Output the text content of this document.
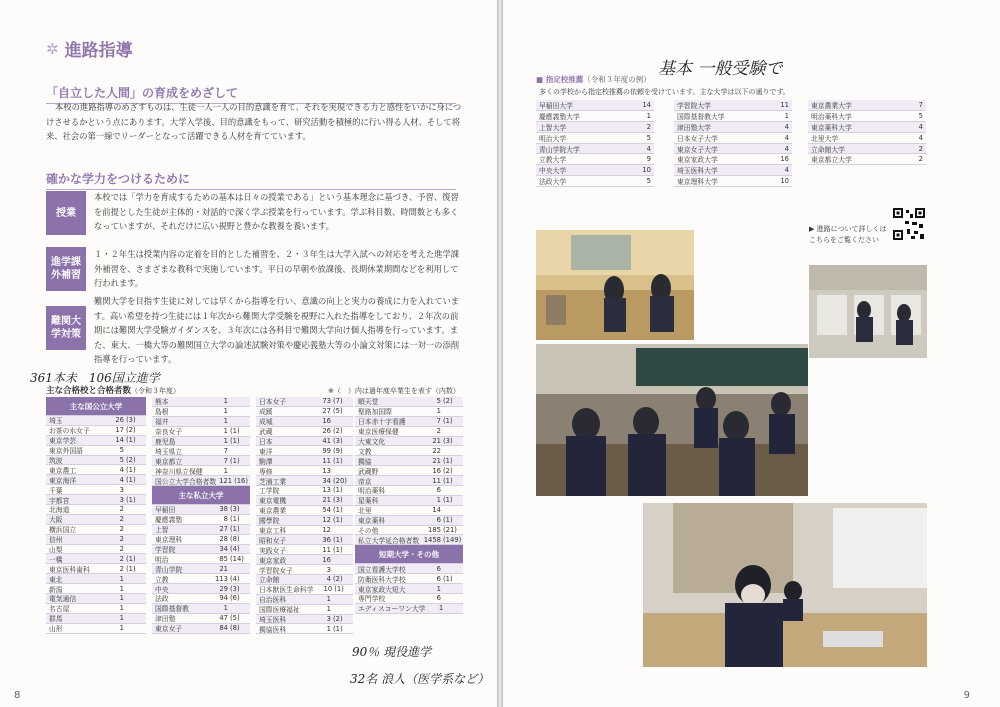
✲ 進路指導
「自立した人間」の育成をめざして
本校の進路指導のめざすものは、生徒一人一人の目的意識を育て、それを実現できる力と感性をいかに身につけさせるかという点にあります。大学入学後、目的意識をもって、研究活動を積極的に行い得る人材、そして将来、社会の第一線でリーダーとなって活躍できる人材を育てています。
確かな学力をつけるために
授業
本校では「学力を育成するための基本は日々の授業である」という基本理念に基づき、予習、復習を前提とした生徒が主体的・対話的で深く学ぶ授業を行っています。学ぶ科目数、時間数とも多くなっていますが、それだけに広い視野と豊かな教養を養います。
進学課外補習
１・２年生は授業内容の定着を目的とした補習を、２・３年生は大学入試への対応を考えた進学課外補習を、さまざまな教科で実施しています。平日の早朝や放課後、長期休業期間などを利用して行われます。
難関大学対策
難関大学を目指す生徒に対しては早くから指導を行い、意識の向上と実力の養成に力を入れています。高い希望を持つ生徒には１年次から難関大学受験を視野に入れた指導をしており、２年次の前期には難関大学受験ガイダンスを、３年次には各科目で難関大学向け個人指導を行っています。また、東大、一橋大等の難関国立大学の論述試験対策や慶応義塾大等の小論文対策には一対一の添削指導を行っています。
361本未　106国立進学
主な合格校と合格者数（令和３年度）	※（　）内は過年度卒業生を表す（内数）
主な国公立大学
埼玉	26 (3)
お茶の水女子	17 (2)
東京学芸	14 (1)
東京外国語	5
筑波	5 (2)
東京農工	4 (1)
東京海洋	4 (1)
千葉	3
宇都宮	3 (1)
北海道	2
大阪	2
横浜国立	2
信州	2
山梨	2
一橋	2 (1)
東京医科歯科	2 (1)
東北	1
新潟	1
電気通信	1
名古屋	1
群馬	1
山形	1
熊本	1
島根	1
福井	1
奈良女子	1 (1)
鹿児島	1 (1)
埼玉県立	7
東京都立	7 (1)
神奈川県立保健	1
国公立大学合格者数 121 (16)
主な私立大学
早稲田	38 (3)
慶應義塾	8 (1)
上智	27 (1)
東京理科	28 (8)
学習院	34 (4)
明治	85 (14)
青山学院	21
立教	113 (4)
中央	29 (3)
法政	94 (6)
国際基督教	1
津田塾	47 (5)
東京女子	84 (8)
日本女子	73 (7)
成蹊	27 (5)
成城	16
武蔵	26 (2)
日本	41 (3)
東洋	99 (9)
駒澤	11 (1)
専修	13
芝浦工業	34 (20)
工学院	13 (1)
東京電機	21 (3)
東京農業	54 (1)
國學院	12 (1)
東京工科	12
昭和女子	36 (1)
実践女子	11 (1)
東京家政	16
学習院女子	3
立命館	4 (2)
日本獣医生命科学	10 (1)
自治医科	1
国際医療福祉	1
埼玉医科	3 (2)
獨協医科	1 (1)
順天堂	5 (2)
聖路加国際	1
日本赤十字看護	7 (1)
東京医療保健	2
大東文化	21 (3)
文教	22
獨協	21 (1)
武蔵野	16 (2)
帝京	11 (1)
明治薬科	6
星薬科	1 (1)
北里	14
東京薬科	6 (1)
その他	185 (21)
私立大学延合格者数 1458 (149)
短期大学・その他
国立看護大学校	6
防衛医科大学校	6 (1)
東京家政大短大	1
専門学校	6
エディスコーワン大学	1
90％ 現役進学
32名 浪人（医学系など）
8
■ 指定校推薦（令和３年度の例）
基本 一般受験で
多くの学校から指定校推薦の依頼を受けています。主な大学は以下の通りです。
早稲田大学	14
慶應義塾大学	1
上智大学	2
明治大学	5
青山学院大学	4
立教大学	9
中央大学	10
法政大学	5
学習院大学	11
国際基督教大学	1
津田塾大学	4
日本女子大学	4
東京女子大学	4
東京家政大学	16
埼玉医科大学	4
東京理科大学	10
東京農業大学	7
明治薬科大学	5
東京薬科大学	4
北里大学	4
立命館大学	2
東京都立大学	2
▶ 進路について詳しくはこちらをご覧ください
9
